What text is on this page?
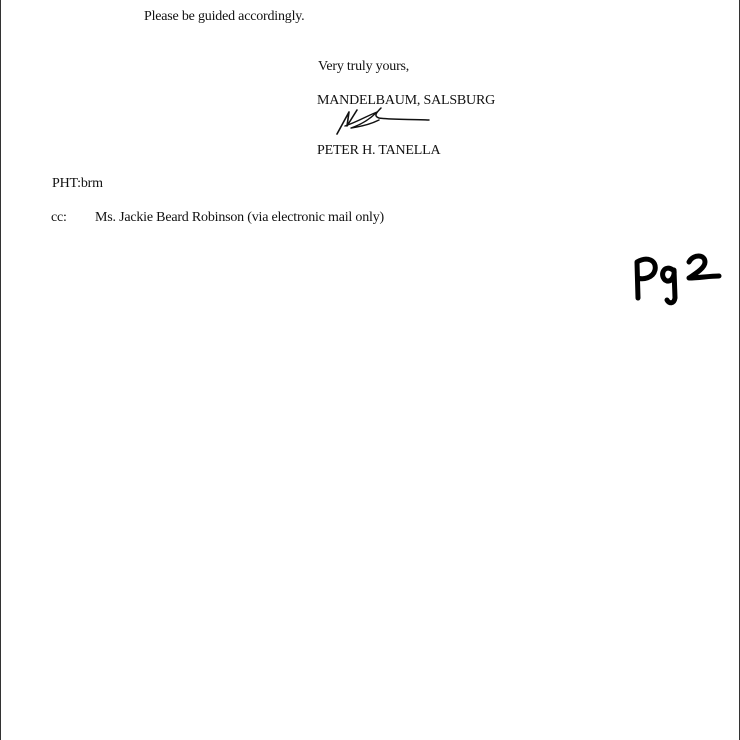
Please be guided accordingly.
Very truly yours,
MANDELBAUM, SALSBURG
PETER H. TANELLA
PHT:brm
cc: Ms. Jackie Beard Robinson (via electronic mail only)
